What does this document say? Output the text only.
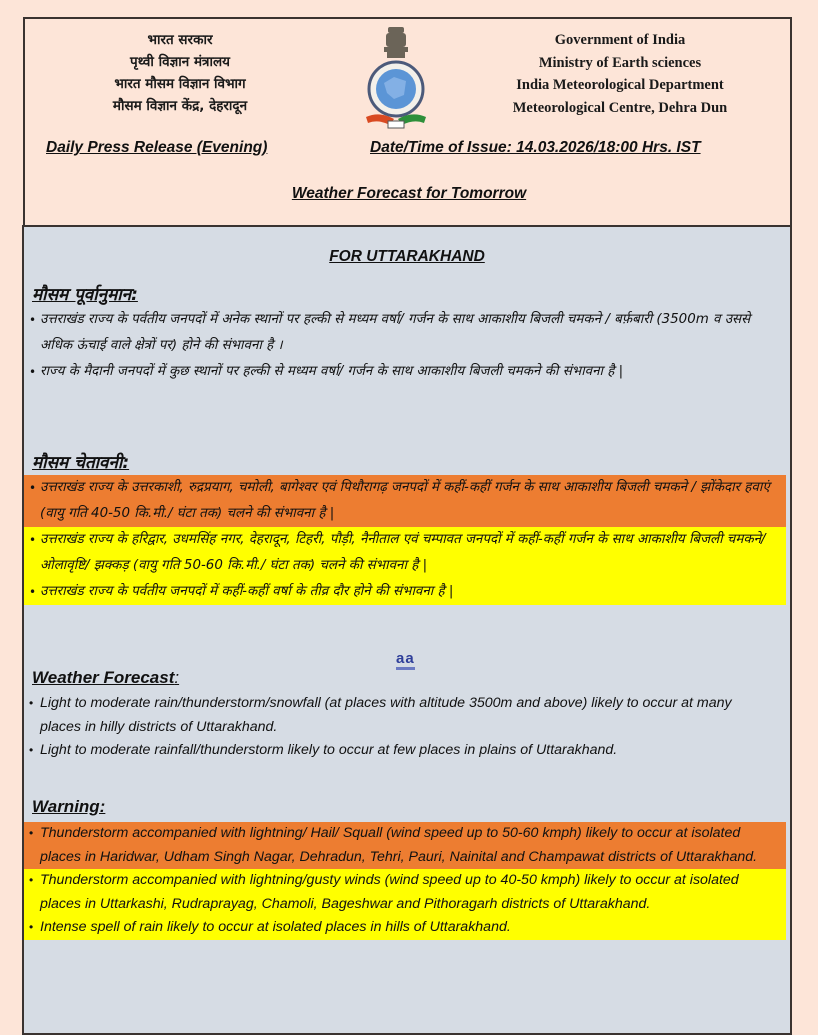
भारत सरकार
पृथ्वी विज्ञान मंत्रालय
भारत मौसम विज्ञान विभाग
मौसम विज्ञान केंद्र, देहरादून
Government of India
Ministry of Earth sciences
India Meteorological Department
Meteorological Centre, Dehra Dun
Daily Press Release (Evening)	Date/Time of Issue: 14.03.2026/18:00 Hrs. IST
Weather Forecast for Tomorrow
FOR UTTARAKHAND
मौसम पूर्वानुमान:
• उत्तराखंड राज्य के पर्वतीय जनपदों में अनेक स्थानों पर हल्की से मध्यम वर्षा/ गर्जन के साथ आकाशीय बिजली चमकने / बर्फ़बारी (3500m व उससे अधिक ऊंचाई वाले क्षेत्रों पर) होने की संभावना है ।
• राज्य के मैदानी जनपदों में कुछ स्थानों पर हल्की से मध्यम वर्षा/ गर्जन के साथ आकाशीय बिजली चमकने की संभावना है |
मौसम चेतावनी:
• उत्तराखंड राज्य के उत्तरकाशी, रुद्रप्रयाग, चमोली, बागेश्वर एवं पिथौरागढ़ जनपदों में कहीं-कहीं गर्जन के साथ आकाशीय बिजली चमकने / झोंकेदार हवाएं (वायु गति 40-50 कि.मी./ घंटा तक) चलने की संभावना है |
• उत्तराखंड राज्य के हरिद्वार, उधमसिंह नगर, देहरादून, टिहरी, पौड़ी, नैनीताल एवं चम्पावत जनपदों में कहीं-कहीं गर्जन के साथ आकाशीय बिजली चमकने/ ओलावृष्टि/ झक्कड़ (वायु गति 50-60 कि.मी./ घंटा तक) चलने की संभावना है |
• उत्तराखंड राज्य के पर्वतीय जनपदों में कहीं-कहीं वर्षा के तीव्र दौर होने की संभावना है |
aa
Weather Forecast:
• Light to moderate rain/thunderstorm/snowfall (at places with altitude 3500m and above) likely to occur at many places in hilly districts of Uttarakhand.
• Light to moderate rainfall/thunderstorm likely to occur at few places in plains of Uttarakhand.
Warning:
• Thunderstorm accompanied with lightning/ Hail/ Squall (wind speed up to 50-60 kmph) likely to occur at isolated places in Haridwar, Udham Singh Nagar, Dehradun, Tehri, Pauri, Nainital and Champawat districts of Uttarakhand.
• Thunderstorm accompanied with lightning/gusty winds (wind speed up to 40-50 kmph) likely to occur at isolated places in Uttarkashi, Rudraprayag, Chamoli, Bageshwar and Pithoragarh districts of Uttarakhand.
• Intense spell of rain likely to occur at isolated places in hills of Uttarakhand.
